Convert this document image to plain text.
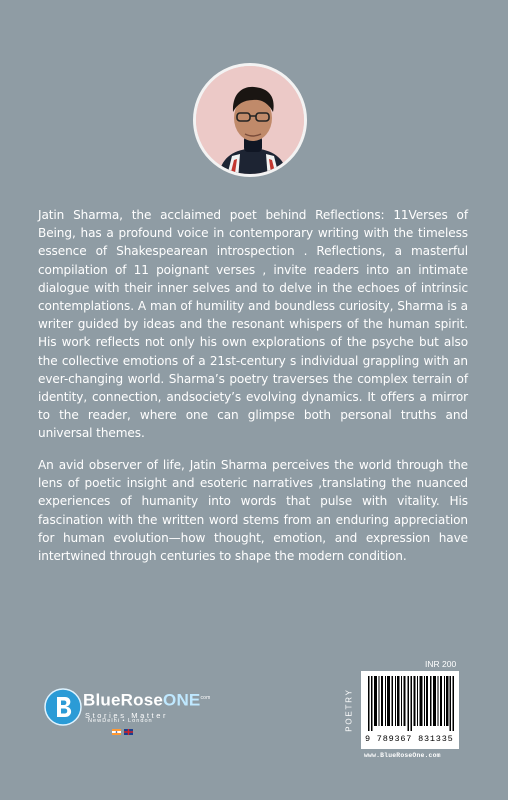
Jatin Sharma, the acclaimed poet behind Reflections: 11Verses of Being, has a profound voice in contemporary writing with the timeless essence of Shakespearean introspection . Reflections, a masterful compilation of 11 poignant verses , invite readers into an intimate dialogue with their inner selves and to delve in the echoes of intrinsic contemplations. A man of humility and boundless curiosity, Sharma is a writer guided by ideas and the resonant whispers of the human spirit. His work reflects not only his own explorations of the psyche but also the collective emotions of a 21st-century s individual grappling with an ever-changing world. Sharma’s poetry traverses the complex terrain of identity, connection, andsociety’s evolving dynamics. It offers a mirror to the reader, where one can glimpse both personal truths and universal themes.

An avid observer of life, Jatin Sharma perceives the world through the lens of poetic insight and esoteric narratives ,translating the nuanced experiences of humanity into words that pulse with vitality. His fascination with the written word stems from an enduring appreciation for human evolution—how thought, emotion, and expression have intertwined through centuries to shape the modern condition.

BlueRoseONE$^{com}$
Stories Matter
NewDelhi • London
INR 200
POETRY
9 789367 831335
www.BlueRoseOne.com
